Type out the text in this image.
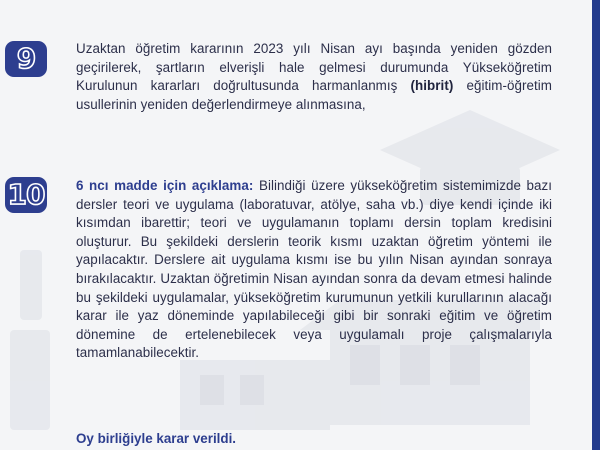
9	Uzaktan öğretim kararının 2023 yılı Nisan ayı başında yeniden gözden geçirilerek, şartların elverişli hale gelmesi durumunda Yükseköğretim Kurulunun kararları doğrultusunda harmanlanmış (hibrit) eğitim-öğretim usullerinin yeniden değerlendirmeye alınmasına,
10 6 ncı madde için açıklama: Bilindiği üzere yükseköğretim sistemimizde bazı dersler teori ve uygulama (laboratuvar, atölye, saha vb.) diye kendi içinde iki kısımdan ibarettir; teori ve uygulamanın toplamı dersin toplam kredisini oluşturur. Bu şekildeki derslerin teorik kısmı uzaktan öğretim yöntemi ile yapılacaktır. Derslere ait uygulama kısmı ise bu yılın Nisan ayından sonraya bırakılacaktır. Uzaktan öğretimin Nisan ayından sonra da devam etmesi halinde bu şekildeki uygulamalar, yükseköğretim kurumunun yetkili kurullarının alacağı karar ile yaz döneminde yapılabileceği gibi bir sonraki eğitim ve öğretim dönemine de ertelenebilecek veya uygulamalı proje çalışmalarıyla tamamlanabilecektir.
Oy birliğiyle karar verildi.
